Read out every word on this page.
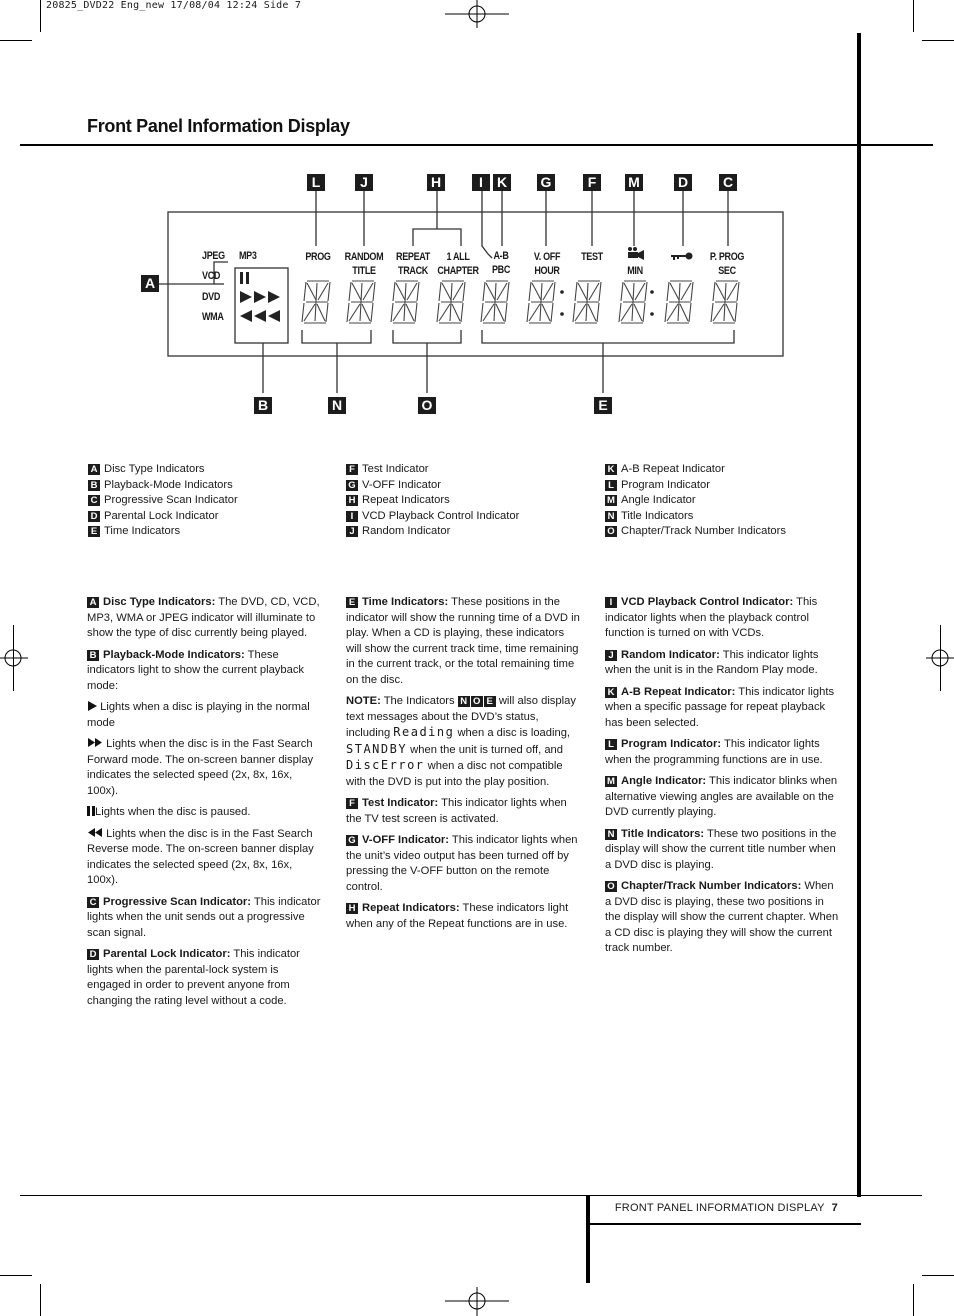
20825_DVD22 Eng_new 17/08/04 12:24 Side 7
Front Panel Information Display
JPEG MP3
VCD
DVD
WMA
PROG	RANDOM
TITLE
REPEAT
TRACK
1 ALL
CHAPTER
A-B
PBC
V. OFF
HOUR
TEST
MIN
P. PROG
SEC
L	J	H	I	K G	F	M	D C
A
B	N	O	E
A Disc Type Indicators
B Playback-Mode Indicators
C Progressive Scan Indicator
D Parental Lock Indicator
E Time Indicators
F Test Indicator
G V-OFF Indicator
H Repeat Indicators
I VCD Playback Control Indicator
J Random Indicator
K A-B Repeat Indicator
L Program Indicator
M Angle Indicator
N Title Indicators
O Chapter/Track Number Indicators

A Disc Type Indicators: The DVD, CD, VCD, MP3, WMA or JPEG indicator will illuminate to show the type of disc currently being played.

B Playback-Mode Indicators: These indicators light to show the current playback mode:

Lights when a disc is playing in the normal mode

Lights when the disc is in the Fast Search Forward mode. The on-screen banner display indicates the selected speed (2x, 8x, 16x, 100x).

Lights when the disc is paused.

Lights when the disc is in the Fast Search Reverse mode. The on-screen banner display indicates the selected speed (2x, 8x, 16x, 100x).

C Progressive Scan Indicator: This indicator lights when the unit sends out a progressive scan signal.

D Parental Lock Indicator: This indicator lights when the parental-lock system is engaged in order to prevent anyone from changing the rating level without a code.

E Time Indicators: These positions in the indicator will show the running time of a DVD in play. When a CD is playing, these indicators will show the current track time, time remaining in the current track, or the total remaining time on the disc.

NOTE: The Indicators N O E will also display text messages about the DVD’s status, including Reading when a disc is loading, STANDBY when the unit is turned off, and DiscError when a disc not compatible with the DVD is put into the play position.

F Test Indicator: This indicator lights when the TV test screen is activated.

G V-OFF Indicator: This indicator lights when the unit’s video output has been turned off by pressing the V-OFF button on the remote control.

H Repeat Indicators: These indicators light when any of the Repeat functions are in use.

I VCD Playback Control Indicator: This indicator lights when the playback control function is turned on with VCDs.

J Random Indicator: This indicator lights when the unit is in the Random Play mode.

K A-B Repeat Indicator: This indicator lights when a specific passage for repeat playback has been selected.

L Program Indicator: This indicator lights when the programming functions are in use.

M Angle Indicator: This indicator blinks when alternative viewing angles are available on the DVD currently playing.

N Title Indicators: These two positions in the display will show the current title number when a DVD disc is playing.

O Chapter/Track Number Indicators: When a DVD disc is playing, these two positions in the display will show the current chapter. When a CD disc is playing they will show the current track number.

FRONT PANEL INFORMATION DISPLAY 7
